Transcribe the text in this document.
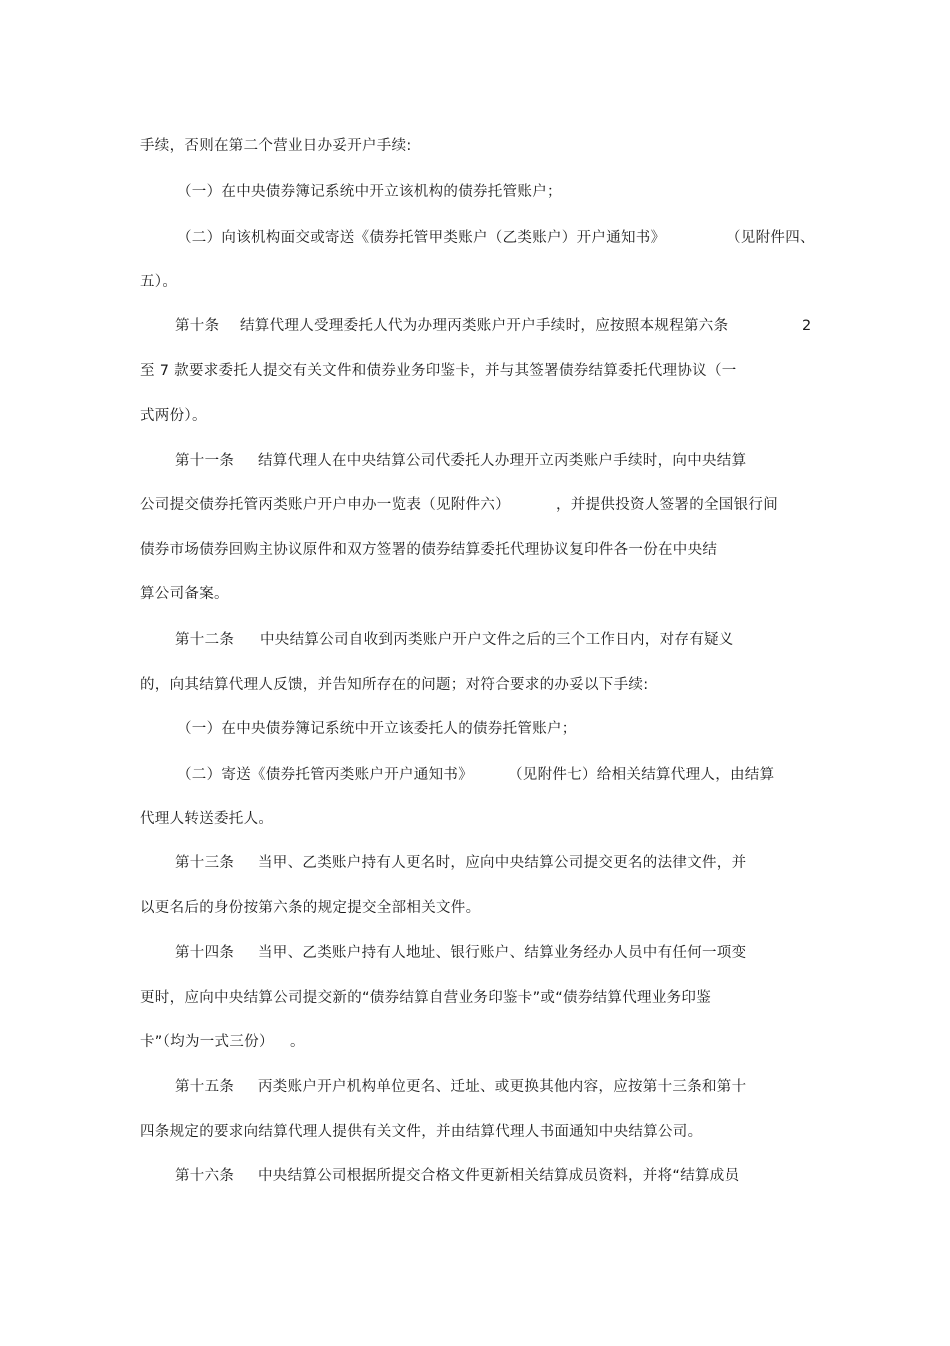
手续，否则在第二个营业日办妥开户手续:
（一）在中央债券簿记系统中开立该机构的债券托管账户；
（二）向该机构面交或寄送《债券托管甲类账户（乙类账户）开户通知书》	（见附件四、
五）。
第十条 结算代理人受理委托人代为办理丙类账户开户手续时，应按照本规程第六条	2
至 7 款要求委托人提交有关文件和债券业务印鉴卡，并与其签署债券结算委托代理协议（一
式两份）。
第十一条 结算代理人在中央结算公司代委托人办理开立丙类账户手续时，向中央结算
公司提交债券托管丙类账户开户申办一览表（见附件六）	，并提供投资人签署的全国银行间
债券市场债券回购主协议原件和双方签署的债券结算委托代理协议复印件各一份在中央结
算公司备案。
第十二条 中央结算公司自收到丙类账户开户文件之后的三个工作日内，对存有疑义
的，向其结算代理人反馈，并告知所存在的问题；对符合要求的办妥以下手续:
（一）在中央债券簿记系统中开立该委托人的债券托管账户；
（二）寄送《债券托管丙类账户开户通知书》 （见附件七）给相关结算代理人，由结算
代理人转送委托人。
第十三条 当甲、乙类账户持有人更名时，应向中央结算公司提交更名的法律文件，并
以更名后的身份按第六条的规定提交全部相关文件。
第十四条 当甲、乙类账户持有人地址、银行账户、结算业务经办人员中有任何一项变
更时，应向中央结算公司提交新的“债券结算自营业务印鉴卡”或“债券结算代理业务印鉴
卡”（均为一式三份） 。
第十五条 丙类账户开户机构单位更名、迁址、或更换其他内容，应按第十三条和第十
四条规定的要求向结算代理人提供有关文件，并由结算代理人书面通知中央结算公司。
第十六条 中央结算公司根据所提交合格文件更新相关结算成员资料，并将“结算成员
